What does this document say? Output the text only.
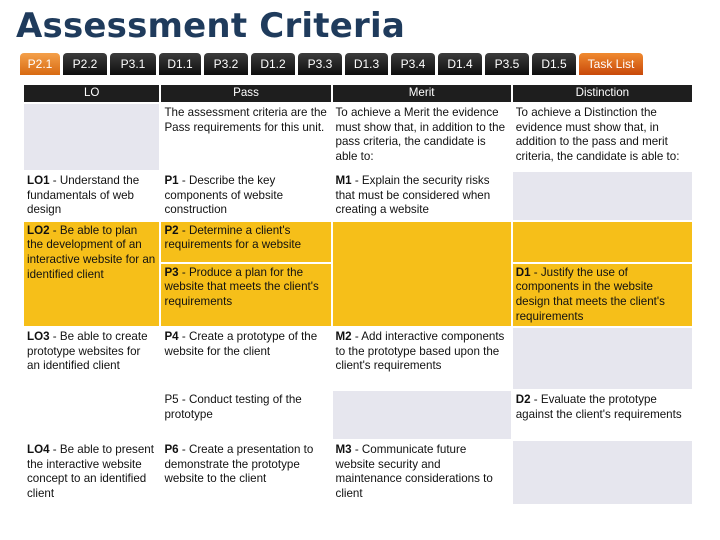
Assessment Criteria
P2.1	P2.2	P3.1	D1.1	P3.2	D1.2	P3.3	D1.3	P3.4	D1.4	P3.5	D1.5	Task List
LO	Pass	Merit	Distinction
	The assessment criteria are the Pass requirements for this unit.	To achieve a Merit the evidence must show that, in addition to the pass criteria, the candidate is able to:	To achieve a Distinction the evidence must show that, in addition to the pass and merit criteria, the candidate is able to:
LO1 - Understand the fundamentals of web design	P1 - Describe the key components of website construction	M1 - Explain the security risks that must be considered when creating a website	
LO2 - Be able to plan the development of an interactive website for an identified client	P2 - Determine a client's requirements for a website		
	P3 - Produce a plan for the website that meets the client's requirements		D1 - Justify the use of components in the website design that meets the client's requirements
LO3 - Be able to create prototype websites for an identified client	P4 - Create a prototype of the website for the client	M2 - Add interactive components to the prototype based upon the client's requirements	
	P5 - Conduct testing of the prototype		D2 - Evaluate the prototype against the client's requirements
LO4 - Be able to present the interactive website concept to an identified client	P6 - Create a presentation to demonstrate the prototype website to the client	M3 - Communicate future website security and maintenance considerations to client	
